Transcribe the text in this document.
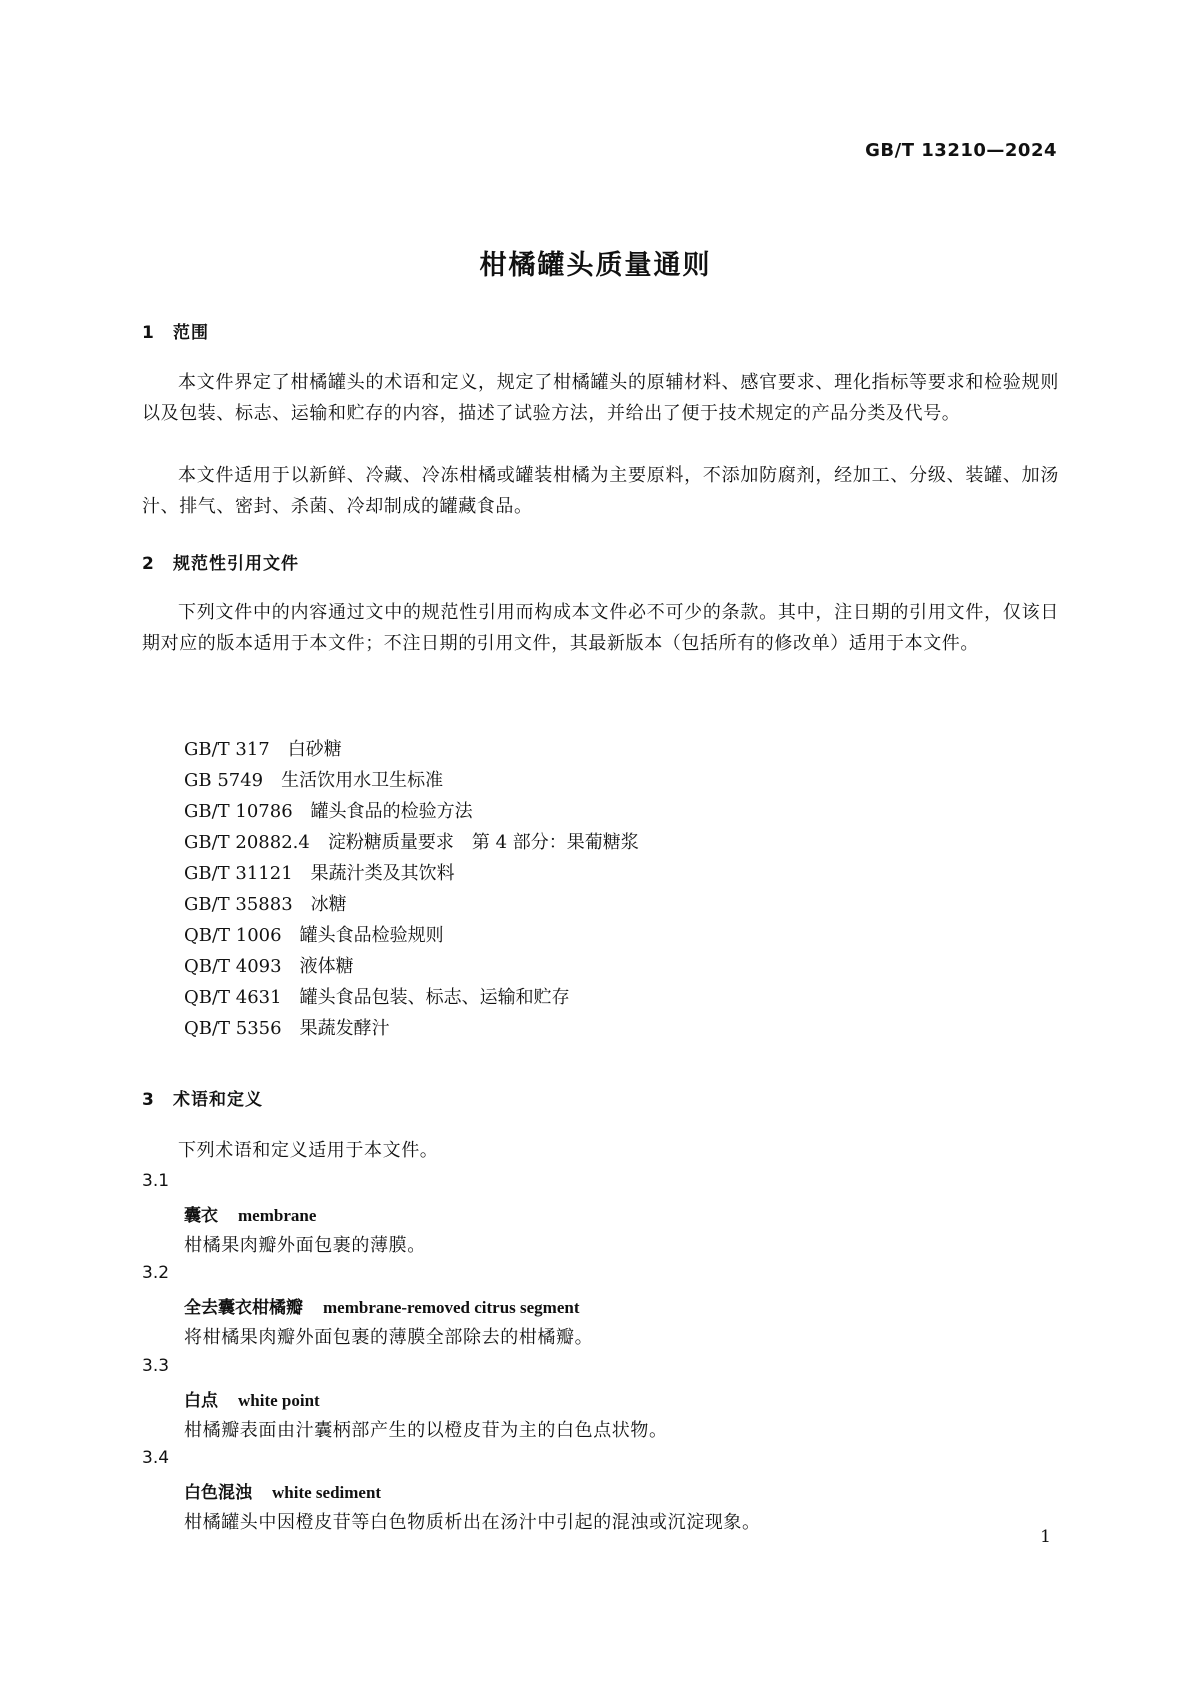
GB/T 13210—2024
柑橘罐头质量通则
1 范围
本文件界定了柑橘罐头的术语和定义，规定了柑橘罐头的原辅材料、感官要求、理化指标等要求和检验规则以及包装、标志、运输和贮存的内容，描述了试验方法，并给出了便于技术规定的产品分类及代号。
本文件适用于以新鲜、冷藏、冷冻柑橘或罐装柑橘为主要原料，不添加防腐剂，经加工、分级、装罐、加汤汁、排气、密封、杀菌、冷却制成的罐藏食品。
2 规范性引用文件
下列文件中的内容通过文中的规范性引用而构成本文件必不可少的条款。其中，注日期的引用文件，仅该日期对应的版本适用于本文件；不注日期的引用文件，其最新版本（包括所有的修改单）适用于本文件。
GB/T 317 白砂糖
GB 5749 生活饮用水卫生标准
GB/T 10786 罐头食品的检验方法
GB/T 20882.4 淀粉糖质量要求　第 4 部分：果葡糖浆
GB/T 31121 果蔬汁类及其饮料
GB/T 35883 冰糖
QB/T 1006 罐头食品检验规则
QB/T 4093 液体糖
QB/T 4631 罐头食品包装、标志、运输和贮存
QB/T 5356 果蔬发酵汁
3 术语和定义
下列术语和定义适用于本文件。
3.1
囊衣 membrane
柑橘果肉瓣外面包裹的薄膜。
3.2
全去囊衣柑橘瓣 membrane-removed citrus segment
将柑橘果肉瓣外面包裹的薄膜全部除去的柑橘瓣。
3.3
白点 white point
柑橘瓣表面由汁囊柄部产生的以橙皮苷为主的白色点状物。
3.4
白色混浊 white sediment
柑橘罐头中因橙皮苷等白色物质析出在汤汁中引起的混浊或沉淀现象。
1
